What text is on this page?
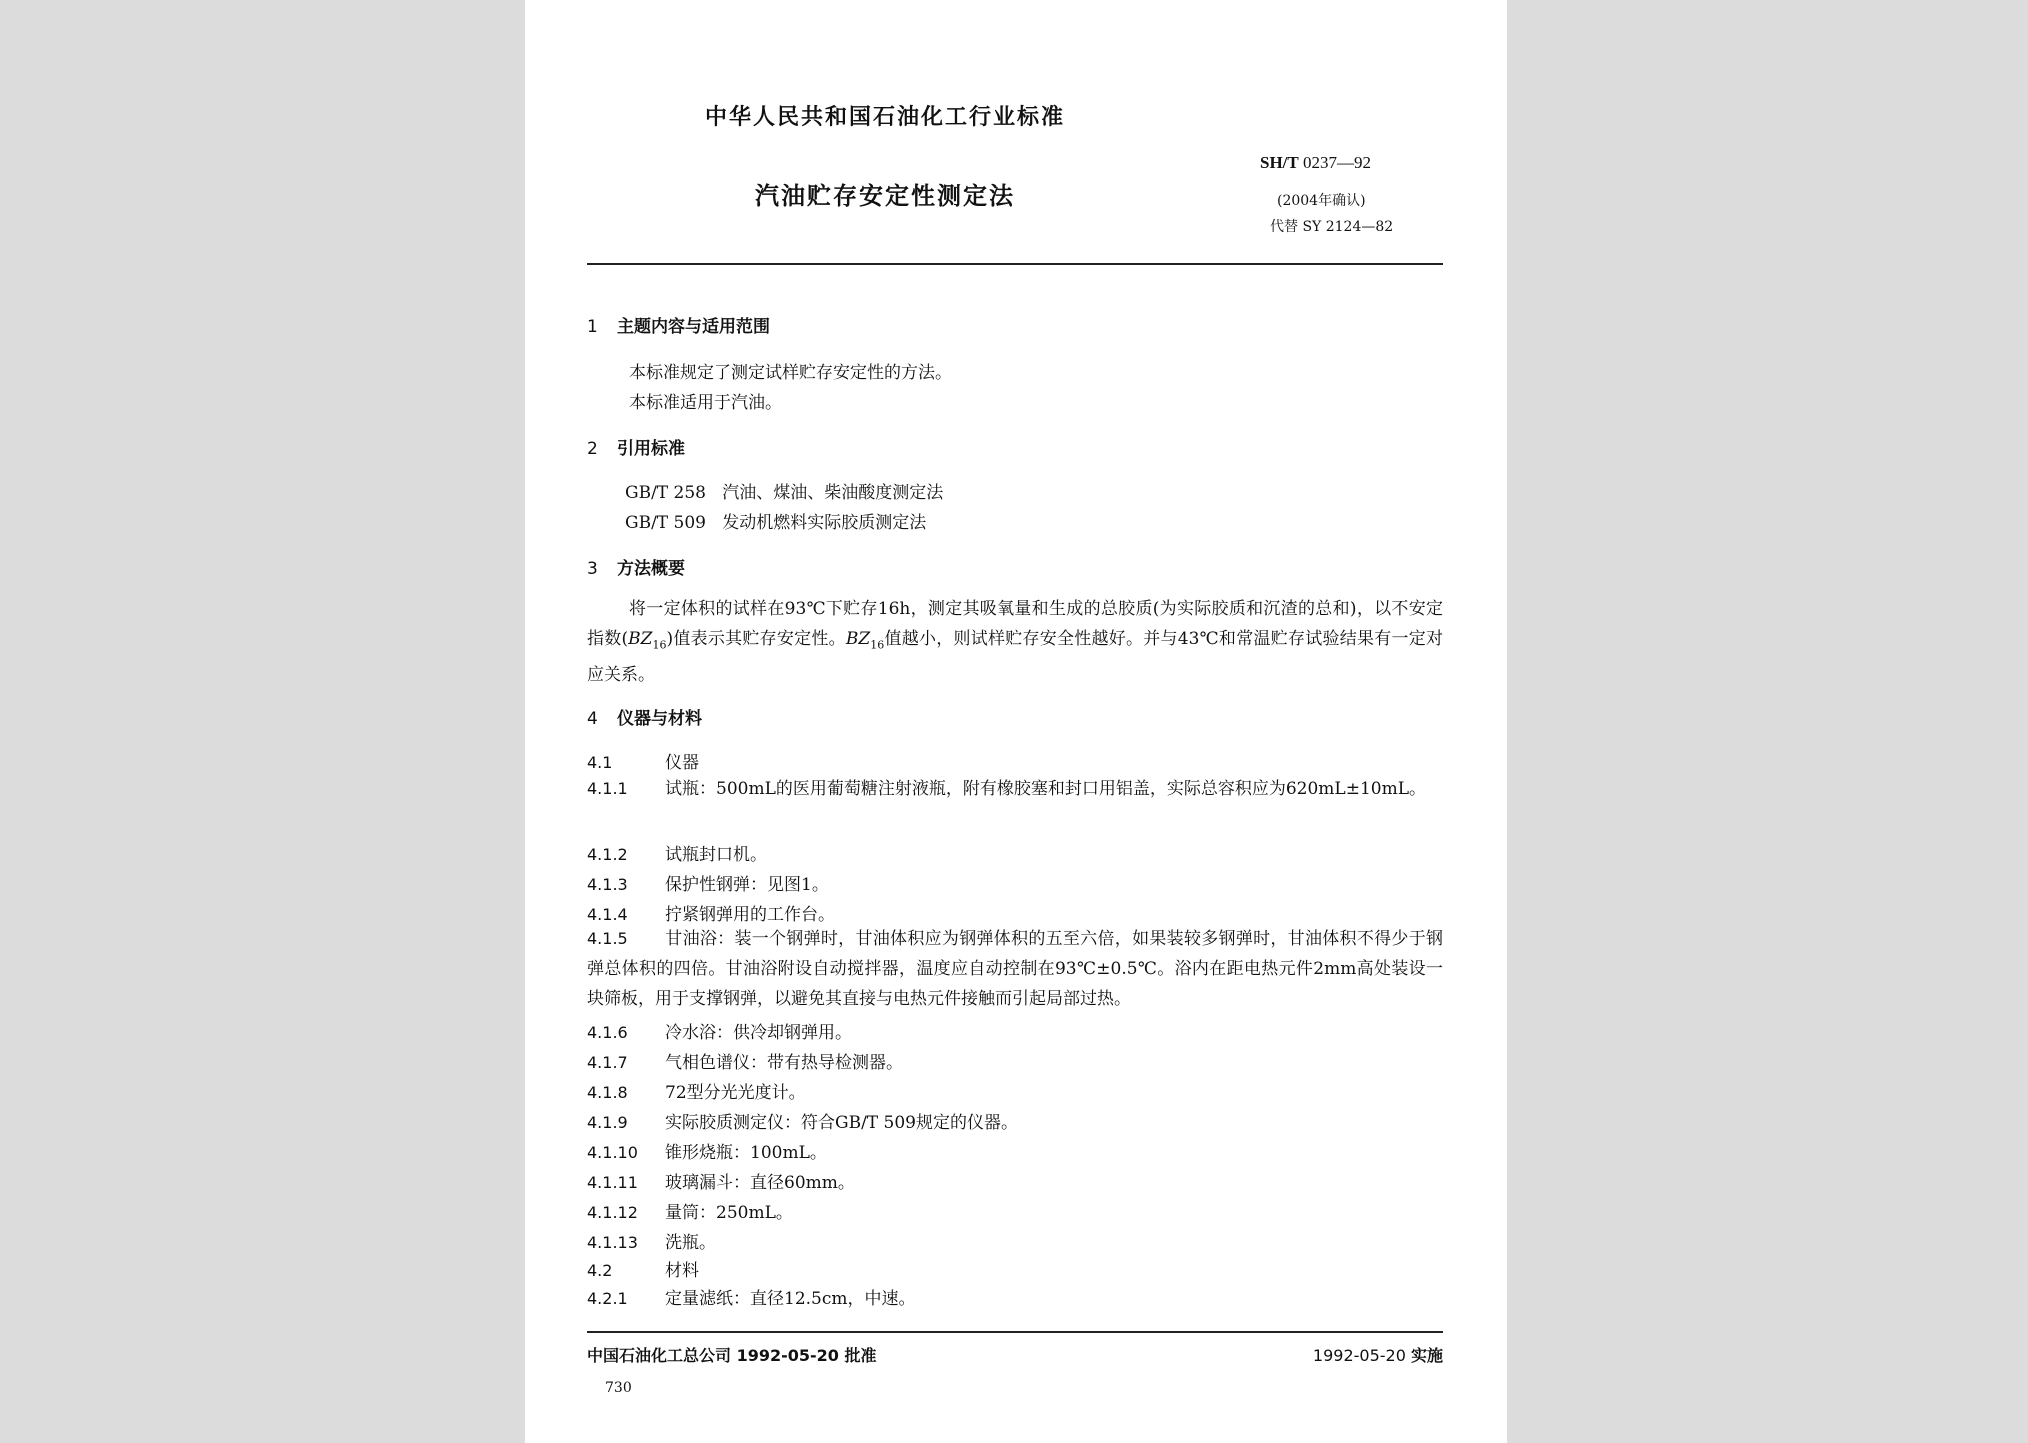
中华人民共和国石油化工行业标准
汽油贮存安定性测定法
SH/T 0237—92
(2004年确认)
代替 SY 2124—82
1 主题内容与适用范围
本标准规定了测定试样贮存安定性的方法。
本标准适用于汽油。
2 引用标准
GB/T 258   汽油、煤油、柴油酸度测定法
GB/T 509   发动机燃料实际胶质测定法
3 方法概要
将一定体积的试样在93℃下贮存16h，测定其吸氧量和生成的总胶质(为实际胶质和沉渣的总和)，以不安定指数$(BZ_{16})$值表示其贮存安定性。$BZ_{16}$值越小，则试样贮存安全性越好。并与43℃和常温贮存试验结果有一定对应关系。
4 仪器与材料
4.1	仪器
4.1.1 试瓶：500mL的医用葡萄糖注射液瓶，附有橡胶塞和封口用铝盖，实际总容积应为620mL±10mL。
4.1.2 试瓶封口机。
4.1.3 保护性钢弹：见图1。
4.1.4 拧紧钢弹用的工作台。
4.1.5 甘油浴：装一个钢弹时，甘油体积应为钢弹体积的五至六倍，如果装较多钢弹时，甘油体积不得少于钢弹总体积的四倍。甘油浴附设自动搅拌器，温度应自动控制在93℃±0.5℃。浴内在距电热元件2mm高处装设一块筛板，用于支撑钢弹，以避免其直接与电热元件接触而引起局部过热。
4.1.6 冷水浴：供冷却钢弹用。
4.1.7 气相色谱仪：带有热导检测器。
4.1.8 72型分光光度计。
4.1.9 实际胶质测定仪：符合GB/T 509规定的仪器。
4.1.10 锥形烧瓶：100mL。
4.1.11 玻璃漏斗：直径60mm。
4.1.12 量筒：250mL。
4.1.13 洗瓶。
4.2	材料
4.2.1 定量滤纸：直径12.5cm，中速。
中国石油化工总公司 1992-05-20 批准	1992-05-20 实施
730
